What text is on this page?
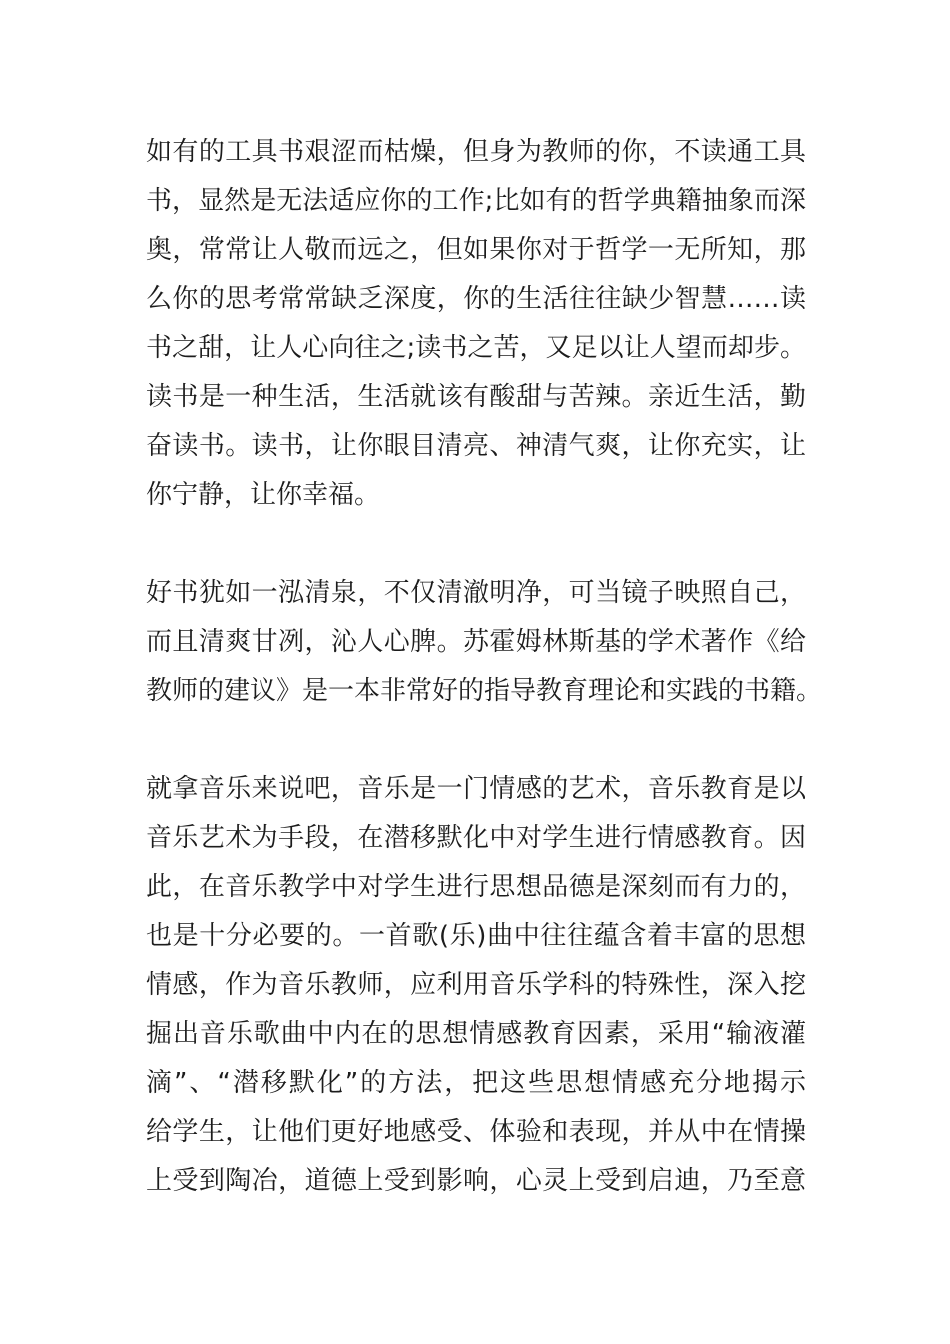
如有的工具书艰涩而枯燥，但身为教师的你，不读通工具
书，显然是无法适应你的工作;比如有的哲学典籍抽象而深
奥，常常让人敬而远之，但如果你对于哲学一无所知，那
么你的思考常常缺乏深度，你的生活往往缺少智慧……读
书之甜，让人心向往之;读书之苦，又足以让人望而却步。
读书是一种生活，生活就该有酸甜与苦辣。亲近生活，勤
奋读书。读书，让你眼目清亮、神清气爽，让你充实，让
你宁静，让你幸福。
好书犹如一泓清泉，不仅清澈明净，可当镜子映照自己，
而且清爽甘冽，沁人心脾。苏霍姆林斯基的学术著作《给
教师的建议》是一本非常好的指导教育理论和实践的书籍。
就拿音乐来说吧，音乐是一门情感的艺术，音乐教育是以
音乐艺术为手段，在潜移默化中对学生进行情感教育。因
此，在音乐教学中对学生进行思想品德是深刻而有力的，
也是十分必要的。一首歌(乐)曲中往往蕴含着丰富的思想
情感，作为音乐教师，应利用音乐学科的特殊性，深入挖
掘出音乐歌曲中内在的思想情感教育因素，采用“输液灌
滴”、“潜移默化”的方法，把这些思想情感充分地揭示
给学生，让他们更好地感受、体验和表现，并从中在情操
上受到陶冶，道德上受到影响，心灵上受到启迪，乃至意
